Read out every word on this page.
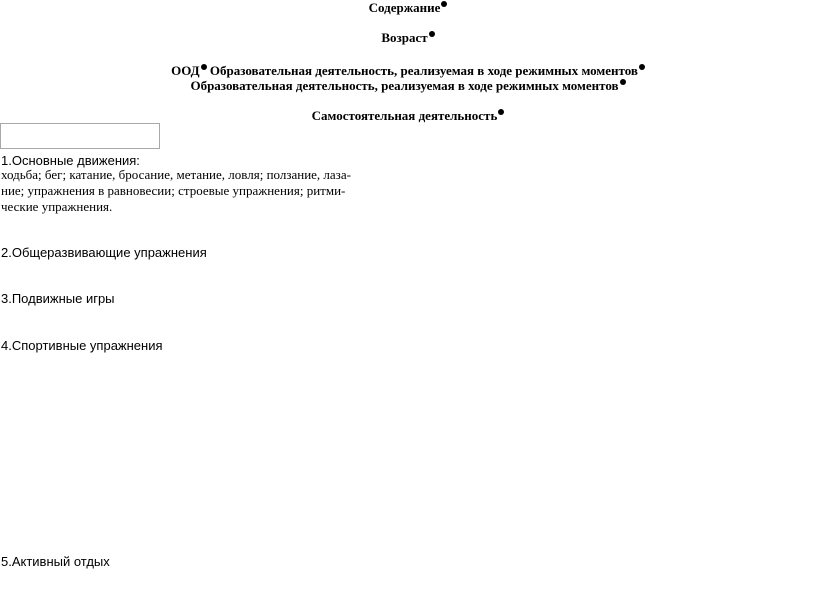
Содержание
Возраст
ООД Образовательная деятельность, реализуемая в ходе режимных моментов
Образовательная деятельность, реализуемая в ходе режимных моментов
Самостоятельная деятельность
1.Основные движения:
ходьба; бег; катание, бросание, метание, ловля; ползание, лаза-
ние; упражнения в равновесии; строевые упражнения; ритми-
ческие упражнения.
2.Общеразвивающие упражнения
3.Подвижные игры
4.Спортивные упражнения
5.Активный отдых
